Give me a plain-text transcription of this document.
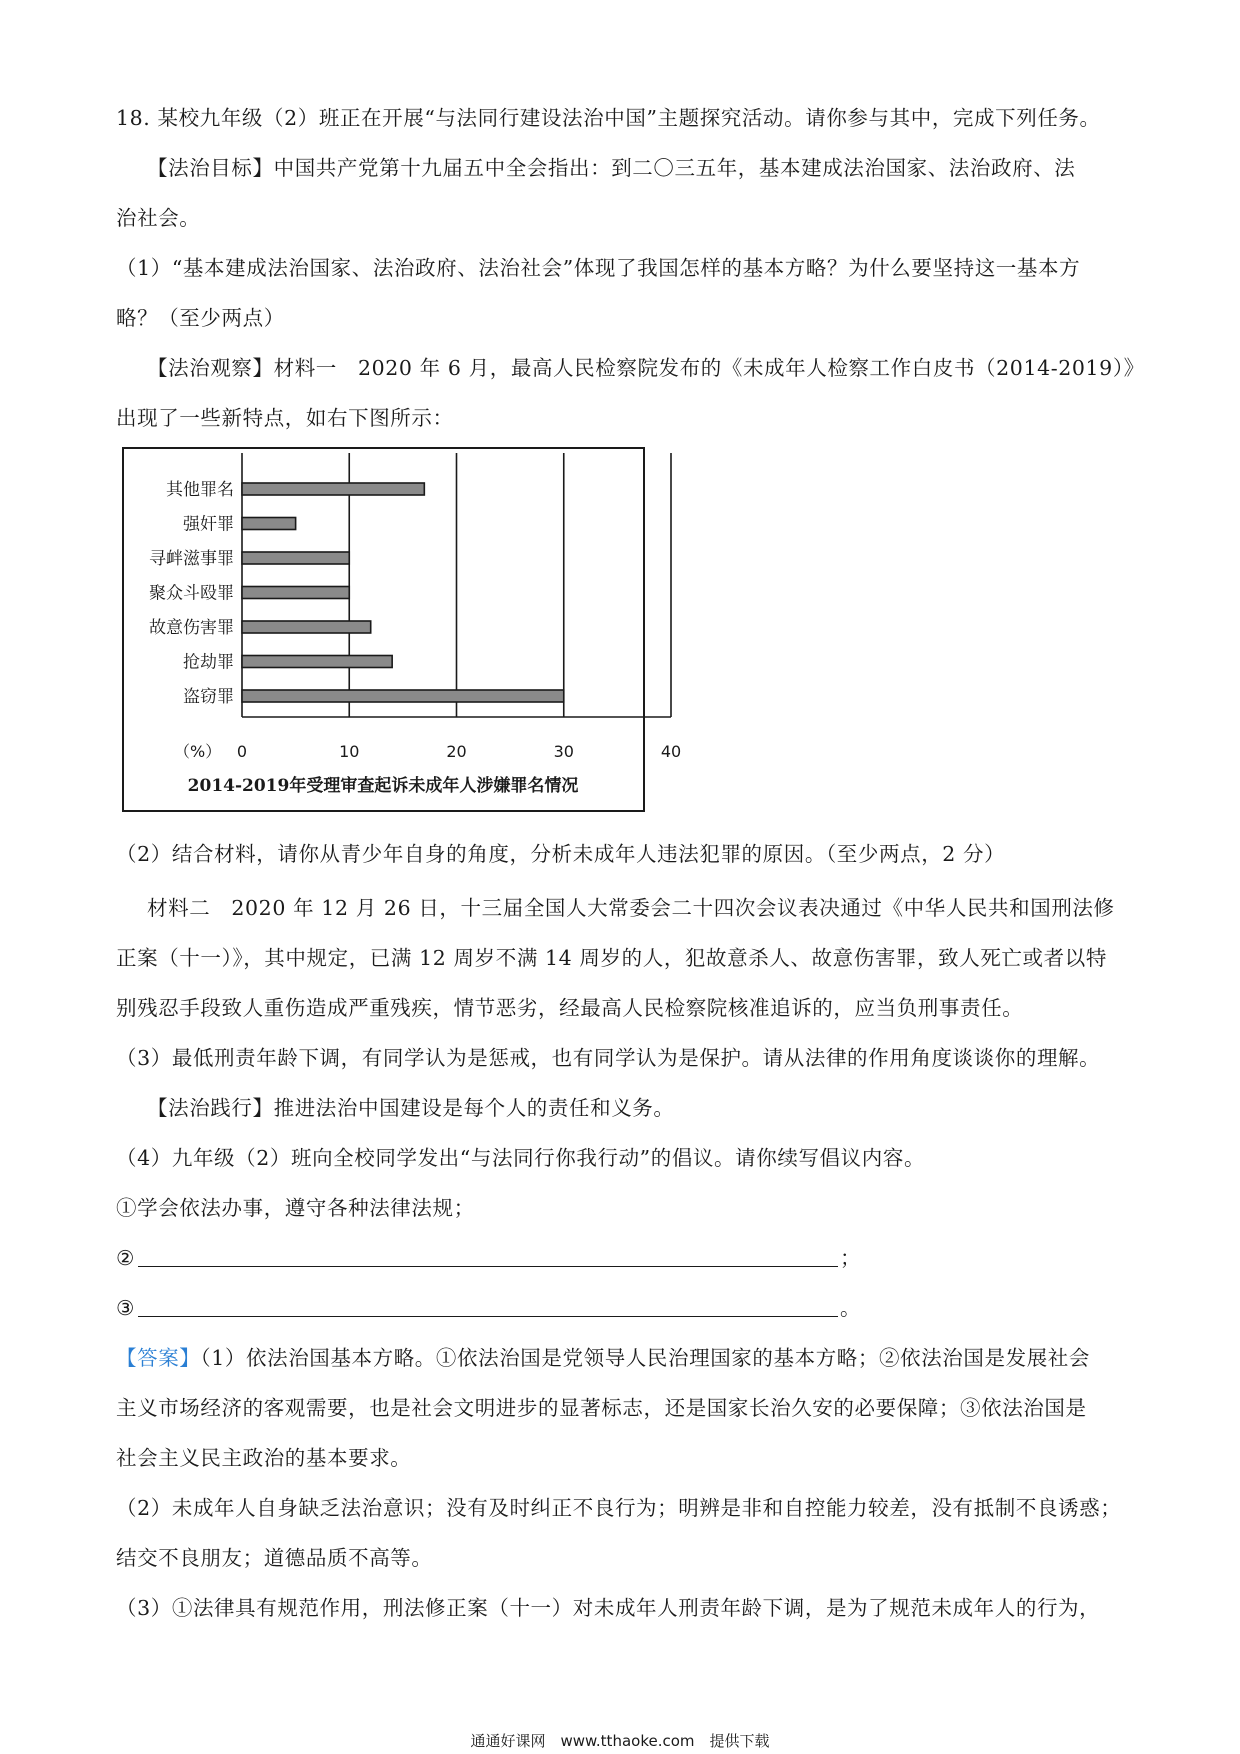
18. 某校九年级（2）班正在开展“与法同行建设法治中国”主题探究活动。请你参与其中，完成下列任务。
【法治目标】中国共产党第十九届五中全会指出：到二〇三五年，基本建成法治国家、法治政府、法
治社会。
（1）“基本建成法治国家、法治政府、法治社会”体现了我国怎样的基本方略？为什么要坚持这一基本方
略？（至少两点）
【法治观察】材料一　2020 年 6 月，最高人民检察院发布的《未成年人检察工作白皮书（2014-2019）》
出现了一些新特点，如右下图所示：
0	10	20	30	40
（%）
其他罪名
强奸罪
寻衅滋事罪
聚众斗殴罪
故意伤害罪
抢劫罪
盗窃罪
2014-2019年受理审查起诉未成年人涉嫌罪名情况
（2）结合材料，请你从青少年自身的角度，分析未成年人违法犯罪的原因。（至少两点，2 分）
材料二　2020 年 12 月 26 日，十三届全国人大常委会二十四次会议表决通过《中华人民共和国刑法修
正案（十一）》，其中规定，已满 12 周岁不满 14 周岁的人，犯故意杀人、故意伤害罪，致人死亡或者以特
别残忍手段致人重伤造成严重残疾，情节恶劣，经最高人民检察院核准追诉的，应当负刑事责任。
（3）最低刑责年龄下调，有同学认为是惩戒，也有同学认为是保护。请从法律的作用角度谈谈你的理解。
【法治践行】推进法治中国建设是每个人的责任和义务。
（4）九年级（2）班向全校同学发出“与法同行你我行动”的倡议。请你续写倡议内容。
①学会依法办事，遵守各种法律法规；
②	；
③	。
【答案】（1）依法治国基本方略。①依法治国是党领导人民治理国家的基本方略；②依法治国是发展社会
主义市场经济的客观需要，也是社会文明进步的显著标志，还是国家长治久安的必要保障；③依法治国是
社会主义民主政治的基本要求。
（2）未成年人自身缺乏法治意识；没有及时纠正不良行为；明辨是非和自控能力较差，没有抵制不良诱惑；
结交不良朋友；道德品质不高等。
（3）①法律具有规范作用，刑法修正案（十一）对未成年人刑责年龄下调，是为了规范未成年人的行为，
通通好课网　www.tthaoke.com　提供下载
